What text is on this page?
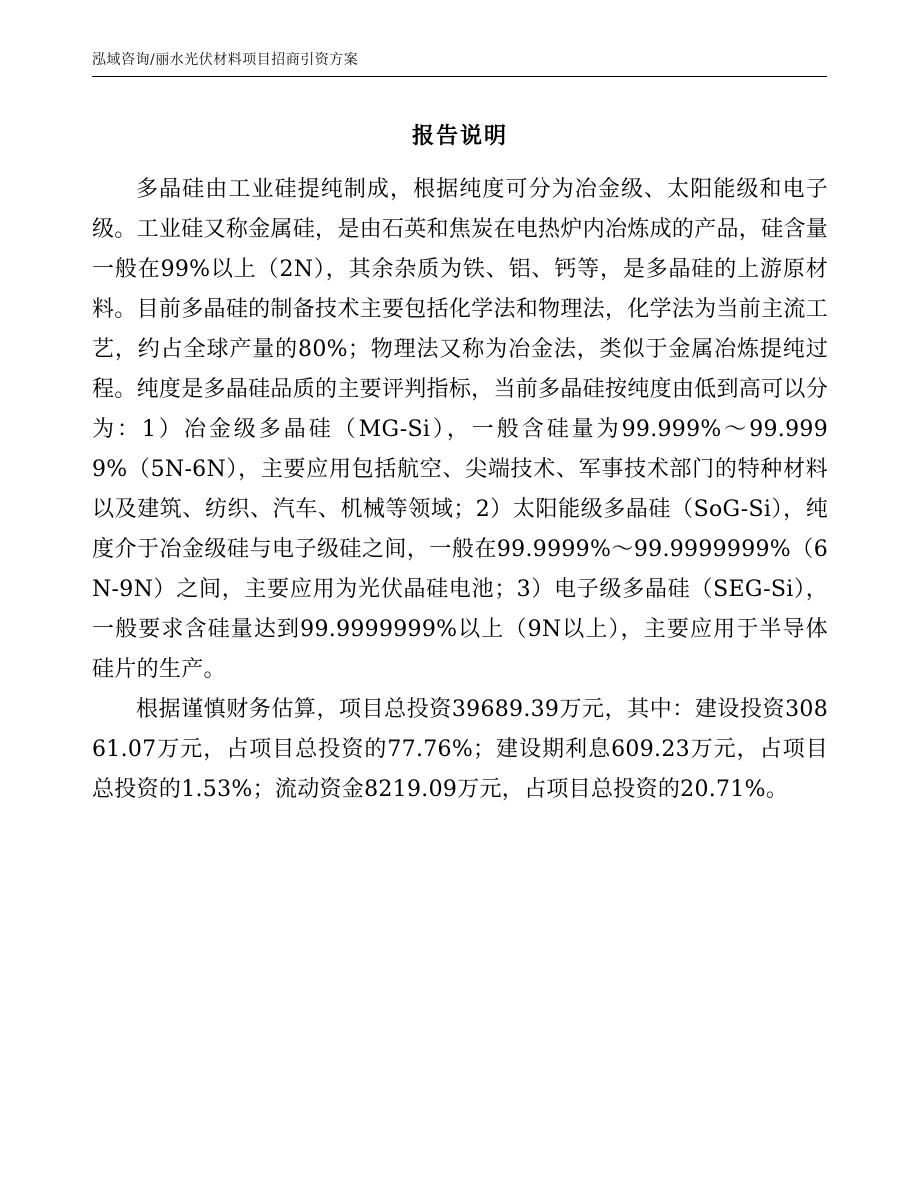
泓域咨询/丽水光伏材料项目招商引资方案
报告说明

多晶硅由工业硅提纯制成，根据纯度可分为冶金级、太阳能级和电子级。工业硅又称金属硅，是由石英和焦炭在电热炉内冶炼成的产品，硅含量一般在99%以上（2N），其余杂质为铁、铝、钙等，是多晶硅的上游原材料。目前多晶硅的制备技术主要包括化学法和物理法，化学法为当前主流工艺，约占全球产量的80%；物理法又称为冶金法，类似于金属冶炼提纯过程。纯度是多晶硅品质的主要评判指标，当前多晶硅按纯度由低到高可以分为：1）冶金级多晶硅（MG-Si），一般含硅量为99.999%～99.9999%（5N-6N），主要应用包括航空、尖端技术、军事技术部门的特种材料以及建筑、纺织、汽车、机械等领域；2）太阳能级多晶硅（SoG-Si），纯度介于冶金级硅与电子级硅之间，一般在99.9999%～99.9999999%（6N-9N）之间，主要应用为光伏晶硅电池；3）电子级多晶硅（SEG-Si），一般要求含硅量达到99.9999999%以上（9N以上），主要应用于半导体硅片的生产。

根据谨慎财务估算，项目总投资39689.39万元，其中：建设投资30861.07万元，占项目总投资的77.76%；建设期利息609.23万元，占项目总投资的1.53%；流动资金8219.09万元，占项目总投资的20.71%。
